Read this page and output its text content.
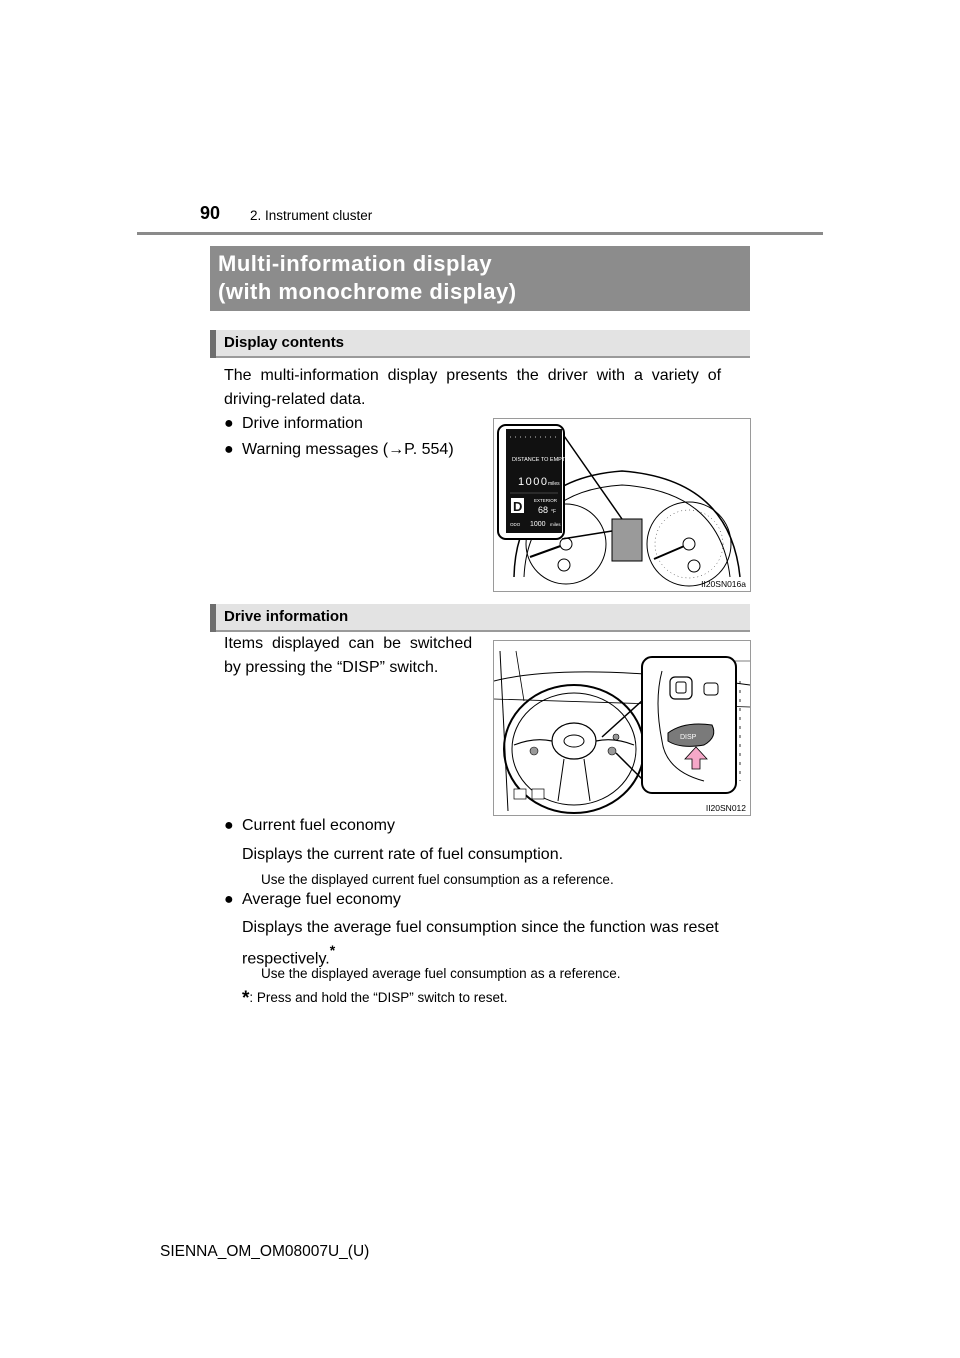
90 2. Instrument cluster
Multi-information display
(with monochrome display)
Display contents
The  multi-information  display  presents  the  driver  with  a  variety  of
driving-related data.
● Drive information
● Warning messages (→P. 554)
DISTANCE TO EMPTY
1000 miles
D	EXTERIOR
68 °F
ODO 1000 miles
II20SN016a
Drive information
Items  displayed  can  be  switched
by pressing the “DISP” switch.
DISP
II20SN012
● Current fuel economy
Displays the current rate of fuel consumption.
Use the displayed current fuel consumption as a reference.
● Average fuel economy
Displays the average fuel consumption since the function was reset
respectively.*
Use the displayed average fuel consumption as a reference.
*: Press and hold the “DISP” switch to reset.
SIENNA_OM_OM08007U_(U)
